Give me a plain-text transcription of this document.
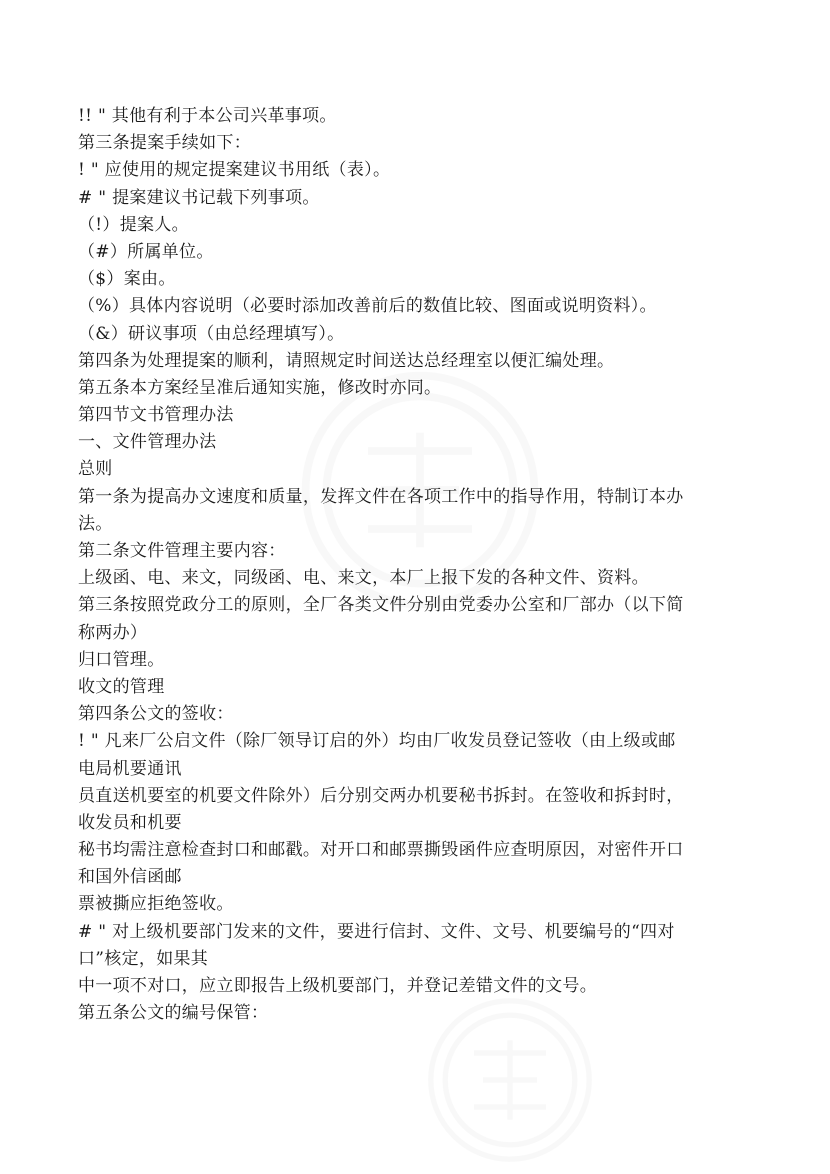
!! " 其他有利于本公司兴革事项。
第三条提案手续如下：
! " 应使用的规定提案建议书用纸（表）。
# " 提案建议书记载下列事项。
（!）提案人。
（#）所属单位。
（$）案由。
（%）具体内容说明（必要时添加改善前后的数值比较、图面或说明资料）。
（&）研议事项（由总经理填写）。
第四条为处理提案的顺利，请照规定时间送达总经理室以便汇编处理。
第五条本方案经呈准后通知实施，修改时亦同。
第四节文书管理办法
一、文件管理办法
总则
第一条为提高办文速度和质量，发挥文件在各项工作中的指导作用，特制订本办
法。
第二条文件管理主要内容：
上级函、电、来文，同级函、电、来文，本厂上报下发的各种文件、资料。
第三条按照党政分工的原则，全厂各类文件分别由党委办公室和厂部办（以下简
称两办）
归口管理。
收文的管理
第四条公文的签收：
! " 凡来厂公启文件（除厂领导订启的外）均由厂收发员登记签收（由上级或邮
电局机要通讯
员直送机要室的机要文件除外）后分别交两办机要秘书拆封。在签收和拆封时，
收发员和机要
秘书均需注意检查封口和邮戳。对开口和邮票撕毁函件应查明原因，对密件开口
和国外信函邮
票被撕应拒绝签收。
# " 对上级机要部门发来的文件，要进行信封、文件、文号、机要编号的“四对
口”核定，如果其
中一项不对口，应立即报告上级机要部门，并登记差错文件的文号。
第五条公文的编号保管：
